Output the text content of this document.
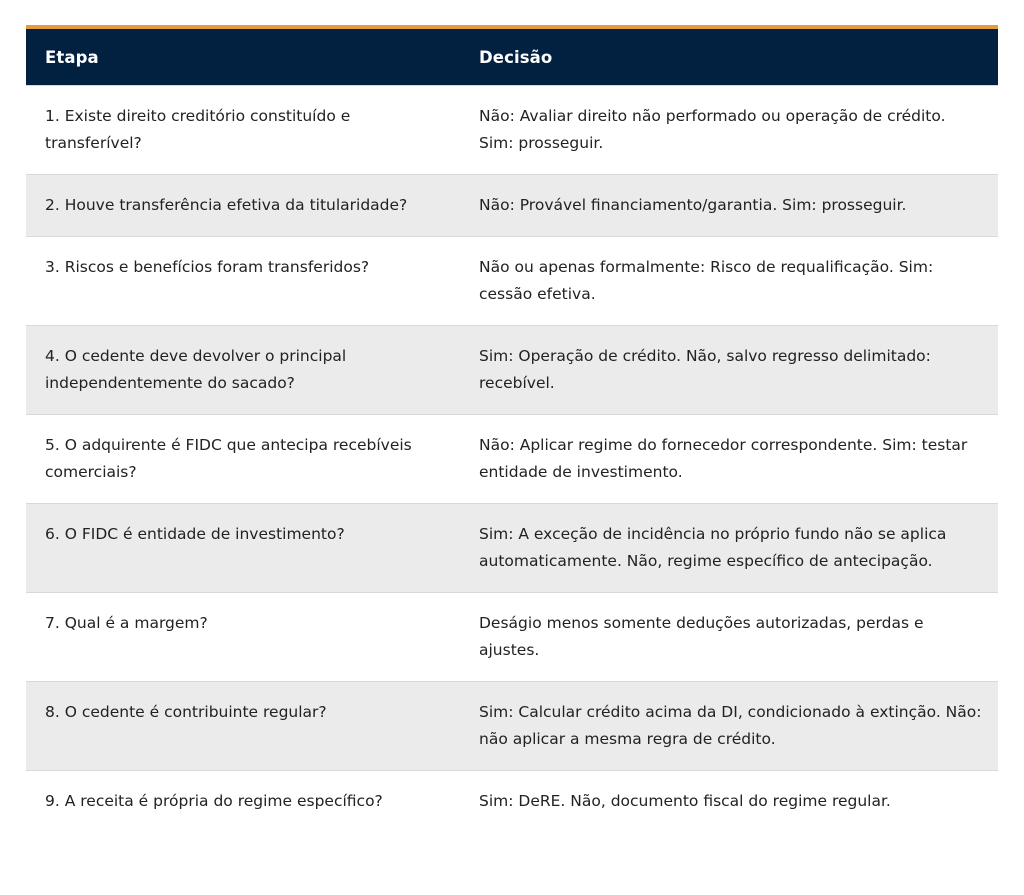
Etapa	Decisão
1. Existe direito creditório constituído e transferível?	Não: Avaliar direito não performado ou operação de crédito. Sim: prosseguir.
2. Houve transferência efetiva da titularidade?	Não: Provável financiamento/garantia. Sim: prosseguir.
3. Riscos e benefícios foram transferidos?	Não ou apenas formalmente: Risco de requalificação. Sim: cessão efetiva.
4. O cedente deve devolver o principal independentemente do sacado?	Sim: Operação de crédito. Não, salvo regresso delimitado: recebível.
5. O adquirente é FIDC que antecipa recebíveis comerciais?	Não: Aplicar regime do fornecedor correspondente. Sim: testar entidade de investimento.
6. O FIDC é entidade de investimento?	Sim: A exceção de incidência no próprio fundo não se aplica automaticamente. Não, regime específico de antecipação.
7. Qual é a margem?	Deságio menos somente deduções autorizadas, perdas e ajustes.
8. O cedente é contribuinte regular?	Sim: Calcular crédito acima da DI, condicionado à extinção. Não: não aplicar a mesma regra de crédito.
9. A receita é própria do regime específico?	Sim: DeRE. Não, documento fiscal do regime regular.
